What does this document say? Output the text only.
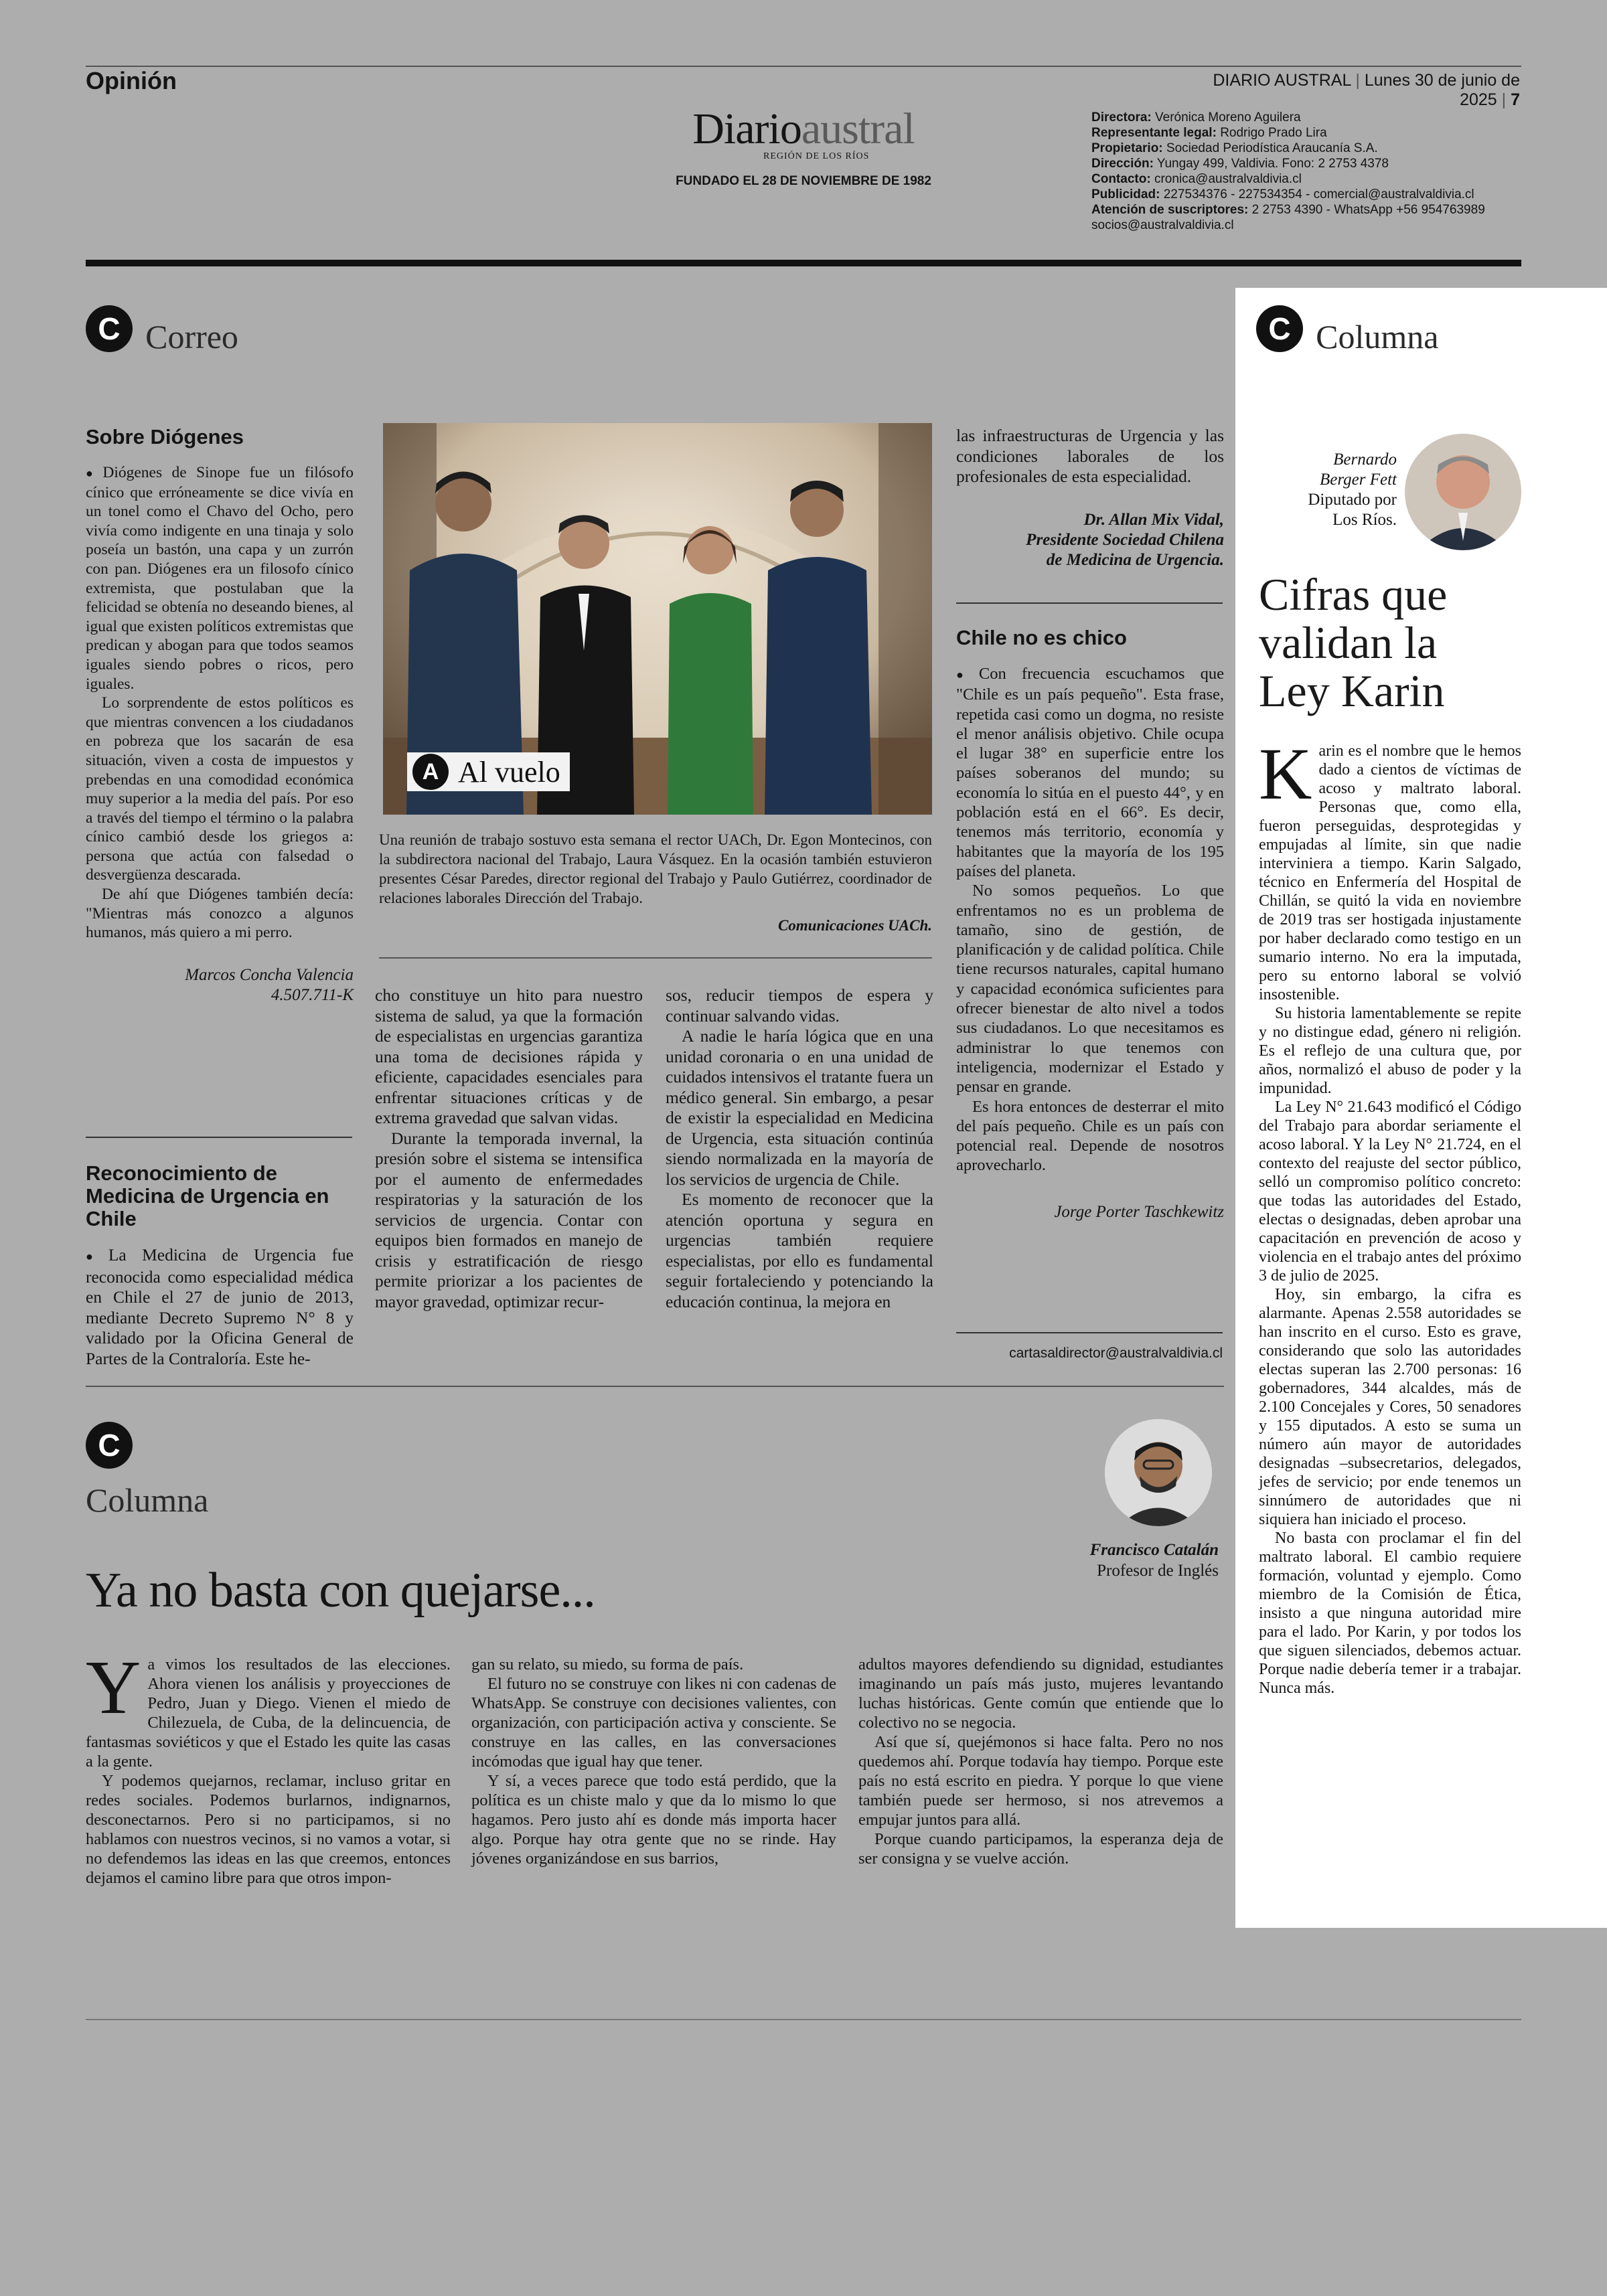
Opinión	DIARIO AUSTRAL | Lunes 30 de junio de 2025 | 7
Diarioaustral
REGIÓN DE LOS RÍOS
FUNDADO EL 28 DE NOVIEMBRE DE 1982
Directora: Verónica Moreno Aguilera
Representante legal: Rodrigo Prado Lira
Propietario: Sociedad Periodística Araucanía S.A.
Dirección: Yungay 499, Valdivia. Fono: 2 2753 4378
Contacto: cronica@australvaldivia.cl
Publicidad: 227534376 - 227534354 - comercial@australvaldivia.cl
Atención de suscriptores: 2 2753 4390 - WhatsApp +56 954763989
socios@australvaldivia.cl
C Correo
Sobre Diógenes

● Diógenes de Sinope fue un filósofo cínico que erróneamente se dice vivía en un tonel como el Chavo del Ocho, pero vivía como indigente en una tinaja y solo poseía un bastón, una capa y un zurrón con pan. Diógenes era un filosofo cínico extremista, que postulaban que la felicidad se obtenía no deseando bienes, al igual que existen políticos extremistas que predican y abogan para que todos seamos iguales siendo pobres o ricos, pero iguales.

Lo sorprendente de estos políticos es que mientras convencen a los ciudadanos en pobreza que los sacarán de esa situación, viven a costa de impuestos y prebendas en una comodidad económica muy superior a la media del país. Por eso a través del tiempo el término o la palabra cínico cambió desde los griegos a: persona que actúa con falsedad o desvergüenza descarada.

De ahí que Diógenes también decía: "Mientras más conozco a algunos humanos, más quiero a mi perro.

Marcos Concha Valencia
4.507.711-K
Reconocimiento de Medicina de Urgencia en Chile

● La Medicina de Urgencia fue reconocida como especialidad médica en Chile el 27 de junio de 2013, mediante Decreto Supremo N° 8 y validado por la Oficina General de Partes de la Contraloría. Este he-

cho constituye un hito para nuestro sistema de salud, ya que la formación de especialistas en urgencias garantiza una toma de decisiones rápida y eficiente, capacidades esenciales para enfrentar situaciones críticas y de extrema gravedad que salvan vidas.

Durante la temporada invernal, la presión sobre el sistema se intensifica por el aumento de enfermedades respiratorias y la saturación de los servicios de urgencia. Contar con equipos bien formados en manejo de crisis y estratificación de riesgo permite priorizar a los pacientes de mayor gravedad, optimizar recur-

sos, reducir tiempos de espera y continuar salvando vidas.

A nadie le haría lógica que en una unidad coronaria o en una unidad de cuidados intensivos el tratante fuera un médico general. Sin embargo, a pesar de existir la especialidad en Medicina de Urgencia, esta situación continúa siendo normalizada en la mayoría de los servicios de urgencia de Chile.

Es momento de reconocer que la atención oportuna y segura en urgencias también requiere especialistas, por ello es fundamental seguir fortaleciendo y potenciando la educación continua, la mejora en

las infraestructuras de Urgencia y las condiciones laborales de los profesionales de esta especialidad.

Dr. Allan Mix Vidal,
Presidente Sociedad Chilena
de Medicina de Urgencia.
Chile no es chico

● Con frecuencia escuchamos que "Chile es un país pequeño". Esta frase, repetida casi como un dogma, no resiste el menor análisis objetivo. Chile ocupa el lugar 38° en superficie entre los países soberanos del mundo; su economía lo sitúa en el puesto 44°, y en población está en el 66°. Es decir, tenemos más territorio, economía y habitantes que la mayoría de los 195 países del planeta.

No somos pequeños. Lo que enfrentamos no es un problema de tamaño, sino de gestión, de planificación y de calidad política. Chile tiene recursos naturales, capital humano y capacidad económica suficientes para ofrecer bienestar de alto nivel a todos sus ciudadanos. Lo que necesitamos es administrar lo que tenemos con inteligencia, modernizar el Estado y pensar en grande.

Es hora entonces de desterrar el mito del país pequeño. Chile es un país con potencial real. Depende de nosotros aprovecharlo.

Jorge Porter Taschkewitz
cartasaldirector@australvaldivia.cl
A Al vuelo
Una reunión de trabajo sostuvo esta semana el rector UACh, Dr. Egon Montecinos, con la subdirectora nacional del Trabajo, Laura Vásquez. En la ocasión también estuvieron presentes César Paredes, director regional del Trabajo y Paulo Gutiérrez, coordinador de relaciones laborales Dirección del Trabajo.
Comunicaciones UACh.
C
Columna
Francisco Catalán
Profesor de Inglés
Ya no basta con quejarse...
Y a vimos los resultados de las elecciones. Ahora vienen los análisis y proyecciones de Pedro, Juan y Diego. Vienen el miedo de Chilezuela, de Cuba, de la delincuencia, de fantasmas soviéticos y que el Estado les quite las casas a la gente.

Y podemos quejarnos, reclamar, incluso gritar en redes sociales. Podemos burlarnos, indignarnos, desconectarnos. Pero si no participamos, si no hablamos con nuestros vecinos, si no vamos a votar, si no defendemos las ideas en las que creemos, entonces dejamos el camino libre para que otros impon-

gan su relato, su miedo, su forma de país.

El futuro no se construye con likes ni con cadenas de WhatsApp. Se construye con decisiones valientes, con organización, con participación activa y consciente. Se construye en las calles, en las conversaciones incómodas que igual hay que tener.

Y sí, a veces parece que todo está perdido, que la política es un chiste malo y que da lo mismo lo que hagamos. Pero justo ahí es donde más importa hacer algo. Porque hay otra gente que no se rinde. Hay jóvenes organizándose en sus barrios,

adultos mayores defendiendo su dignidad, estudiantes imaginando un país más justo, mujeres levantando luchas históricas. Gente común que entiende que lo colectivo no se negocia.

Así que sí, quejémonos si hace falta. Pero no nos quedemos ahí. Porque todavía hay tiempo. Porque este país no está escrito en piedra. Y porque lo que viene también puede ser hermoso, si nos atrevemos a empujar juntos para allá.

Porque cuando participamos, la esperanza deja de ser consigna y se vuelve acción.

C Columna
Bernardo
Berger Fett
Diputado por
Los Ríos.
Cifras que
validan la
Ley Karin
K arin es el nombre que le hemos dado a cientos de víctimas de acoso y maltrato laboral. Personas que, como ella, fueron perseguidas, desprotegidas y empujadas al límite, sin que nadie interviniera a tiempo. Karin Salgado, técnico en Enfermería del Hospital de Chillán, se quitó la vida en noviembre de 2019 tras ser hostigada injustamente por haber declarado como testigo en un sumario interno. No era la imputada, pero su entorno laboral se volvió insostenible.

Su historia lamentablemente se repite y no distingue edad, género ni religión. Es el reflejo de una cultura que, por años, normalizó el abuso de poder y la impunidad.

La Ley N° 21.643 modificó el Código del Trabajo para abordar seriamente el acoso laboral. Y la Ley N° 21.724, en el contexto del reajuste del sector público, selló un compromiso político concreto: que todas las autoridades del Estado, electas o designadas, deben aprobar una capacitación en prevención de acoso y violencia en el trabajo antes del próximo 3 de julio de 2025.

Hoy, sin embargo, la cifra es alarmante. Apenas 2.558 autoridades se han inscrito en el curso. Esto es grave, considerando que solo las autoridades electas superan las 2.700 personas: 16 gobernadores, 344 alcaldes, más de 2.100 Concejales y Cores, 50 senadores y 155 diputados. A esto se suma un número aún mayor de autoridades designadas –subsecretarios, delegados, jefes de servicio; por ende tenemos un sinnúmero de autoridades que ni siquiera han iniciado el proceso.

No basta con proclamar el fin del maltrato laboral. El cambio requiere formación, voluntad y ejemplo. Como miembro de la Comisión de Ética, insisto a que ninguna autoridad mire para el lado. Por Karin, y por todos los que siguen silenciados, debemos actuar. Porque nadie debería temer ir a trabajar. Nunca más.
